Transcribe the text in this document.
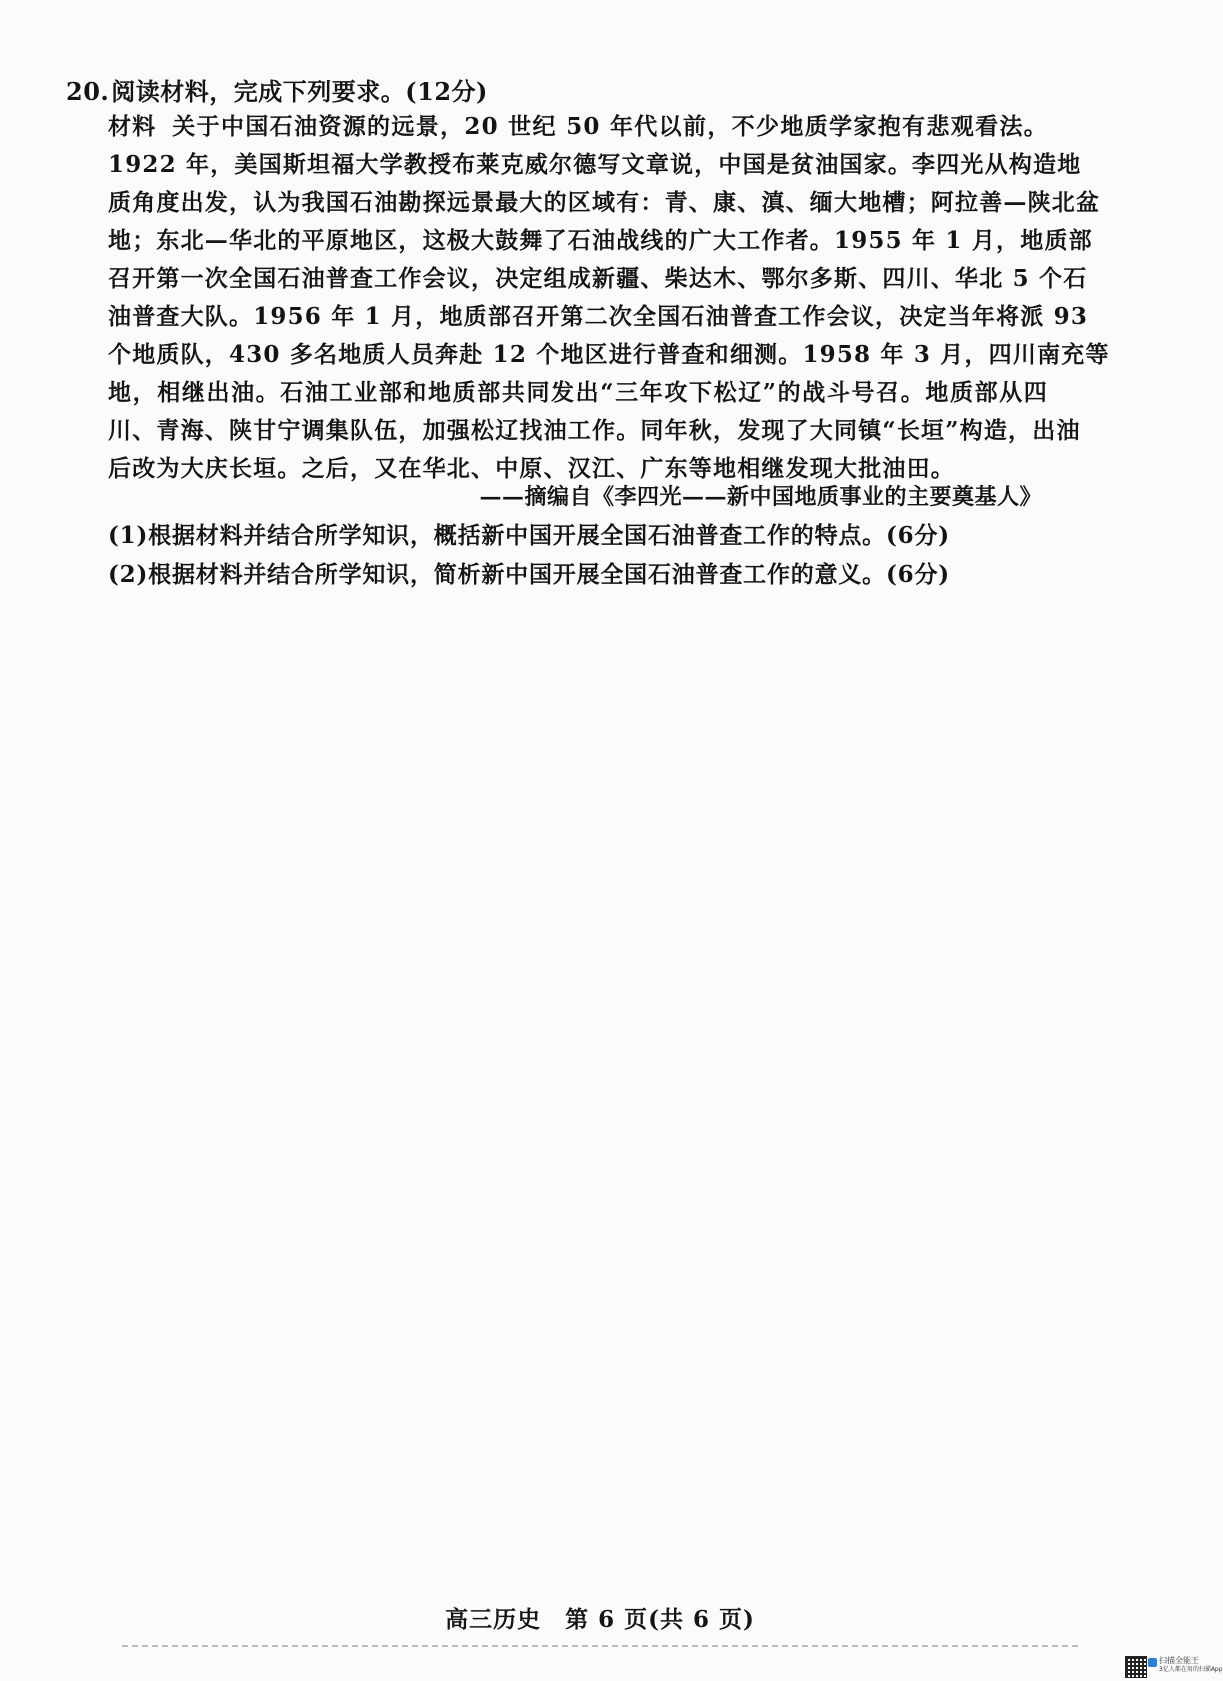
20.阅读材料，完成下列要求。(12分)
材料 关于中国石油资源的远景，20 世纪 50 年代以前，不少地质学家抱有悲观看法。
1922 年，美国斯坦福大学教授布莱克威尔德写文章说，中国是贫油国家。李四光从构造地
质角度出发，认为我国石油勘探远景最大的区域有：青、康、滇、缅大地槽；阿拉善—陕北盆
地；东北—华北的平原地区，这极大鼓舞了石油战线的广大工作者。1955 年 1 月，地质部
召开第一次全国石油普查工作会议，决定组成新疆、柴达木、鄂尔多斯、四川、华北 5 个石
油普查大队。1956 年 1 月，地质部召开第二次全国石油普查工作会议，决定当年将派 93
个地质队，430 多名地质人员奔赴 12 个地区进行普查和细测。1958 年 3 月，四川南充等
地，相继出油。石油工业部和地质部共同发出“三年攻下松辽”的战斗号召。地质部从四
川、青海、陕甘宁调集队伍，加强松辽找油工作。同年秋，发现了大同镇“长垣”构造，出油
后改为大庆长垣。之后，又在华北、中原、汉江、广东等地相继发现大批油田。
——摘编自《李四光——新中国地质事业的主要奠基人》
(1)根据材料并结合所学知识，概括新中国开展全国石油普查工作的特点。(6分)
(2)根据材料并结合所学知识，简析新中国开展全国石油普查工作的意义。(6分)
高三历史　第 6 页(共 6 页)
扫描全能王
3亿人都在用的扫描App
